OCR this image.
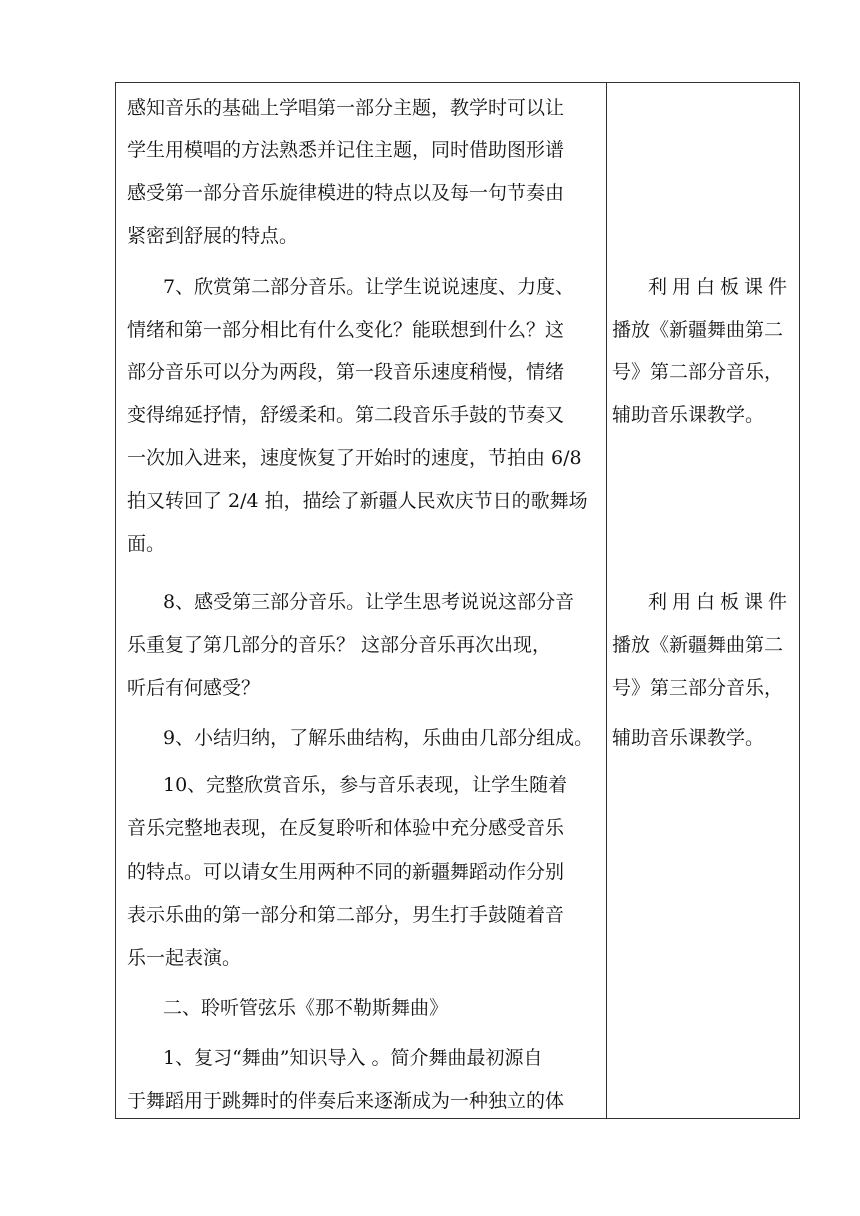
感知音乐的基础上学唱第一部分主题，教学时可以让
学生用模唱的方法熟悉并记住主题，同时借助图形谱
感受第一部分音乐旋律模进的特点以及每一句节奏由
紧密到舒展的特点。
7、欣赏第二部分音乐。让学生说说速度、力度、
情绪和第一部分相比有什么变化？能联想到什么？这
部分音乐可以分为两段，第一段音乐速度稍慢，情绪
变得绵延抒情，舒缓柔和。第二段音乐手鼓的节奏又
一次加入进来，速度恢复了开始时的速度，节拍由 6/8
拍又转回了 2/4 拍，描绘了新疆人民欢庆节日的歌舞场
面。
8、感受第三部分音乐。让学生思考说说这部分音
乐重复了第几部分的音乐？ 这部分音乐再次出现，
听后有何感受？
9、小结归纳，了解乐曲结构，乐曲由几部分组成。
10、完整欣赏音乐，参与音乐表现，让学生随着
音乐完整地表现，在反复聆听和体验中充分感受音乐
的特点。可以请女生用两种不同的新疆舞蹈动作分别
表示乐曲的第一部分和第二部分，男生打手鼓随着音
乐一起表演。
二、聆听管弦乐《那不勒斯舞曲》
1、复习“舞曲”知识导入 。简介舞曲最初源自
于舞蹈用于跳舞时的伴奏后来逐渐成为一种独立的体
利用白板课件
播放《新疆舞曲第二
号》第二部分音乐，
辅助音乐课教学。
利用白板课件
播放《新疆舞曲第二
号》第三部分音乐，
辅助音乐课教学。
